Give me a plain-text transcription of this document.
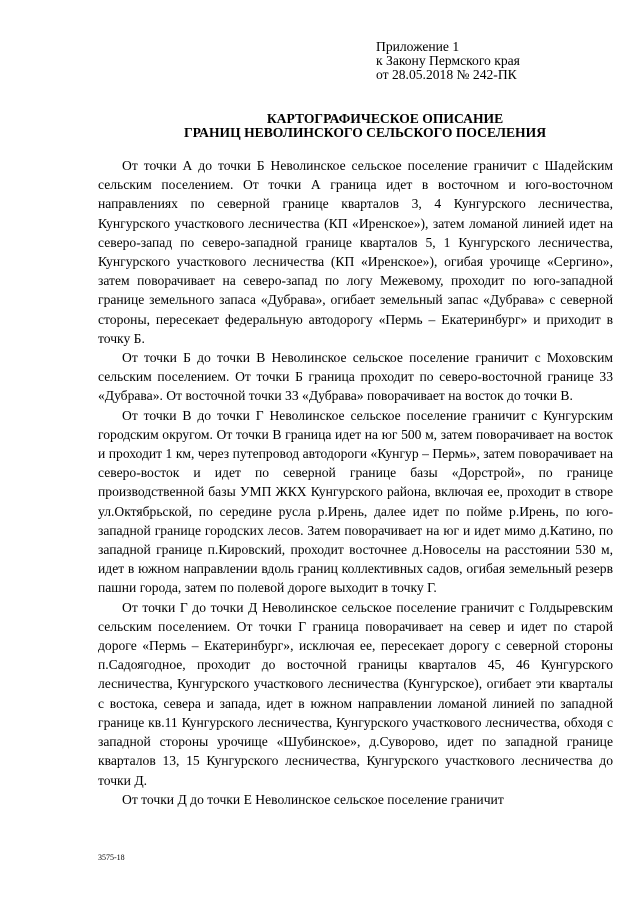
Приложение 1
к Закону Пермского края
от 28.05.2018 № 242-ПК
КАРТОГРАФИЧЕСКОЕ ОПИСАНИЕ
ГРАНИЦ НЕВОЛИНСКОГО СЕЛЬСКОГО ПОСЕЛЕНИЯ

От точки А до точки Б Неволинское сельское поселение граничит с Шадейским сельским поселением. От точки А граница идет в восточном и юго-восточном направлениях по северной границе кварталов 3, 4 Кунгурского лесничества, Кунгурского участкового лесничества (КП «Иренское»), затем ломаной линией идет на северо-запад по северо-западной границе кварталов 5, 1 Кунгурского лесничества, Кунгурского участкового лесничества (КП «Иренское»), огибая урочище «Сергино», затем поворачивает на северо-запад по логу Межевому, проходит по юго-западной границе земельного запаса «Дубрава», огибает земельный запас «Дубрава» с северной стороны, пересекает федеральную автодорогу «Пермь – Екатеринбург» и приходит в точку Б.

От точки Б до точки В Неволинское сельское поселение граничит с Моховским сельским поселением. От точки Б граница проходит по северо-восточной границе 33 «Дубрава». От восточной точки 33 «Дубрава» поворачивает на восток до точки В.

От точки В до точки Г Неволинское сельское поселение граничит с Кунгурским городским округом. От точки В граница идет на юг 500 м, затем поворачивает на восток и проходит 1 км, через путепровод автодороги «Кунгур – Пермь», затем поворачивает на северо-восток и идет по северной границе базы «Дорстрой», по границе производственной базы УМП ЖКХ Кунгурского района, включая ее, проходит в створе ул.Октябрьской, по середине русла р.Ирень, далее идет по пойме р.Ирень, по юго-западной границе городских лесов. Затем поворачивает на юг и идет мимо д.Катино, по западной границе п.Кировский, проходит восточнее д.Новоселы на расстоянии 530 м, идет в южном направлении вдоль границ коллективных садов, огибая земельный резерв пашни города, затем по полевой дороге выходит в точку Г.

От точки Г до точки Д Неволинское сельское поселение граничит с Голдыревским сельским поселением. От точки Г граница поворачивает на север и идет по старой дороге «Пермь – Екатеринбург», исключая ее, пересекает дорогу с северной стороны п.Садоягодное, проходит до восточной границы кварталов 45, 46 Кунгурского лесничества, Кунгурского участкового лесничества (Кунгурское), огибает эти кварталы с востока, севера и запада, идет в южном направлении ломаной линией по западной границе кв.11 Кунгурского лесничества, Кунгурского участкового лесничества, обходя с западной стороны урочище «Шубинское», д.Суворово, идет по западной границе кварталов 13, 15 Кунгурского лесничества, Кунгурского участкового лесничества до точки Д.

От точки Д до точки Е Неволинское сельское поселение граничит

3575-18
